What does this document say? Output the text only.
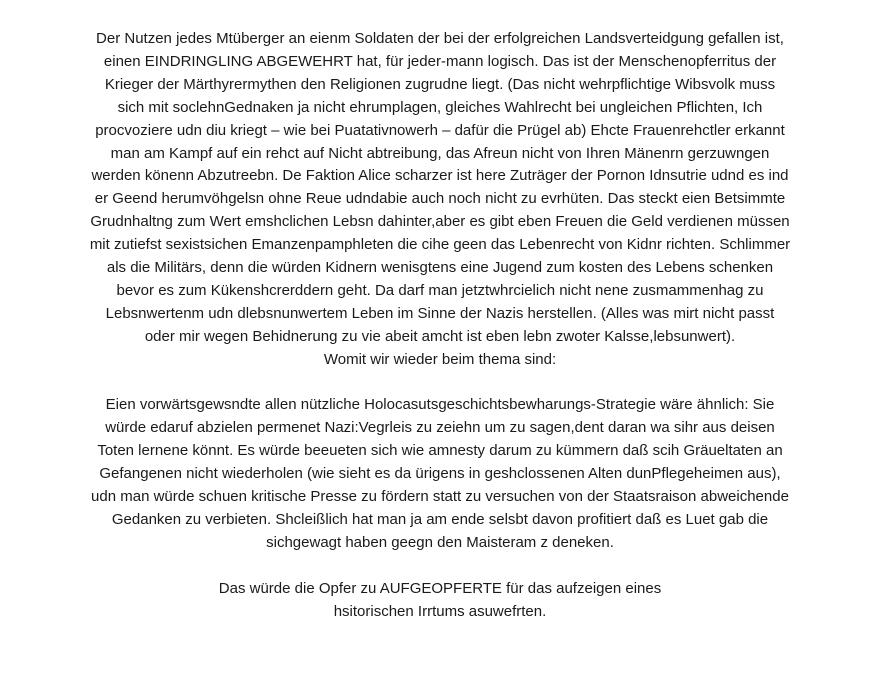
Der Nutzen jedes Mtüberger an eienm Soldaten der bei der erfolgreichen Landsverteidgung gefallen ist,
einen EINDRINGLING ABGEWEHRT hat, für jeder-mann logisch. Das ist der Menschenopferritus der
Krieger der Märthyrermythen den Religionen zugrudne liegt. (Das nicht wehrpflichtige Wibsvolk muss
sich mit soclehnGednaken ja nicht ehrumplagen, gleiches Wahlrecht bei ungleichen Pflichten, Ich
procvoziere udn diu kriegt – wie bei Puatativnowerh – dafür die Prügel ab) Ehcte Frauenrehctler erkannt
man am Kampf auf ein rehct auf Nicht abtreibung, das Afreun nicht von Ihren Mänenrn gerzuwngen
werden könenn Abzutreebn. De Faktion Alice scharzer ist here Zuträger der Pornon Idnsutrie udnd es ind
er Geend herumvöhgelsn ohne Reue udndabie auch noch nicht zu evrhüten. Das steckt eien Betsimmte
Grudnhaltng zum Wert emshclichen Lebsn dahinter,aber es gibt eben Freuen die Geld verdienen müssen
mit zutiefst sexistsichen Emanzenpamphleten die cihe geen das Lebenrecht von Kidnr richten. Schlimmer
als die Militärs, denn die würden Kidnern wenisgtens eine Jugend zum kosten des Lebens schenken
bevor es zum Kükenshcrerddern geht. Da darf man jetztwhrcielich nicht nene zusmammenhag zu
Lebsnwertenm udn dlebsnunwertem Leben im Sinne der Nazis herstellen. (Alles was mirt nicht passt
oder mir wegen Behidnerung zu vie abeit amcht ist eben lebn zwoter Kalsse,lebsunwert).
Womit wir wieder beim thema sind:
Eien vorwärtsgewsndte allen nützliche Holocasutsgeschichtsbewharungs-Strategie wäre ähnlich: Sie
würde edaruf abzielen permenet Nazi:Vegrleis zu zeiehn um zu sagen,dent daran wa sihr aus deisen
Toten lernene könnt. Es würde beeueten sich wie amnesty darum zu kümmern daß scih Gräueltaten an
Gefangenen nicht wiederholen (wie sieht es da ürigens in geshclossenen Alten dunPflegeheimen aus),
udn man würde schuen kritische Presse zu fördern statt zu versuchen von der Staatsraison abweichende
Gedanken zu verbieten. Shcleißlich hat man ja am ende selsbt davon profitiert daß es Luet gab die
sichgewagt haben geegn den Maisteram z deneken.
Das würde die Opfer zu AUFGEOPFERTE für das aufzeigen eines
hsitorischen Irrtums asuwefrten.
